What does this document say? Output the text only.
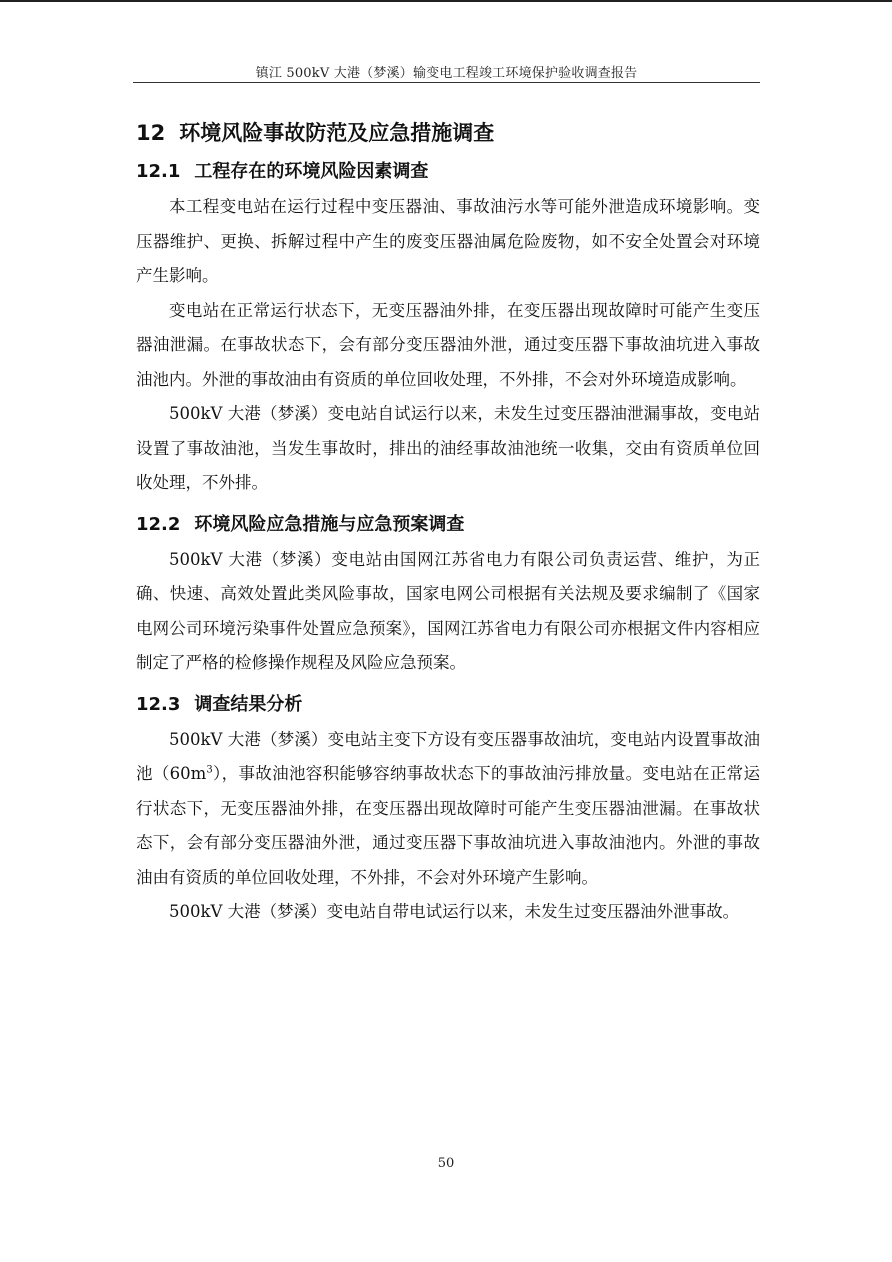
镇江 500kV 大港（梦溪）输变电工程竣工环境保护验收调查报告
12 环境风险事故防范及应急措施调查
12.1 工程存在的环境风险因素调查

本工程变电站在运行过程中变压器油、事故油污水等可能外泄造成环境影响。变压器维护、更换、拆解过程中产生的废变压器油属危险废物，如不安全处置会对环境产生影响。

变电站在正常运行状态下，无变压器油外排，在变压器出现故障时可能产生变压器油泄漏。在事故状态下，会有部分变压器油外泄，通过变压器下事故油坑进入事故油池内。外泄的事故油由有资质的单位回收处理，不外排，不会对外环境造成影响。

500kV 大港（梦溪）变电站自试运行以来，未发生过变压器油泄漏事故，变电站设置了事故油池，当发生事故时，排出的油经事故油池统一收集，交由有资质单位回收处理，不外排。

12.2 环境风险应急措施与应急预案调查

500kV 大港（梦溪）变电站由国网江苏省电力有限公司负责运营、维护，为正确、快速、高效处置此类风险事故，国家电网公司根据有关法规及要求编制了《国家电网公司环境污染事件处置应急预案》，国网江苏省电力有限公司亦根据文件内容相应制定了严格的检修操作规程及风险应急预案。

12.3 调查结果分析

500kV 大港（梦溪）变电站主变下方设有变压器事故油坑，变电站内设置事故油池$(60m^3)$，事故油池容积能够容纳事故状态下的事故油污排放量。变电站在正常运行状态下，无变压器油外排，在变压器出现故障时可能产生变压器油泄漏。在事故状态下，会有部分变压器油外泄，通过变压器下事故油坑进入事故油池内。外泄的事故油由有资质的单位回收处理，不外排，不会对外环境产生影响。

500kV 大港（梦溪）变电站自带电试运行以来，未发生过变压器油外泄事故。

50
